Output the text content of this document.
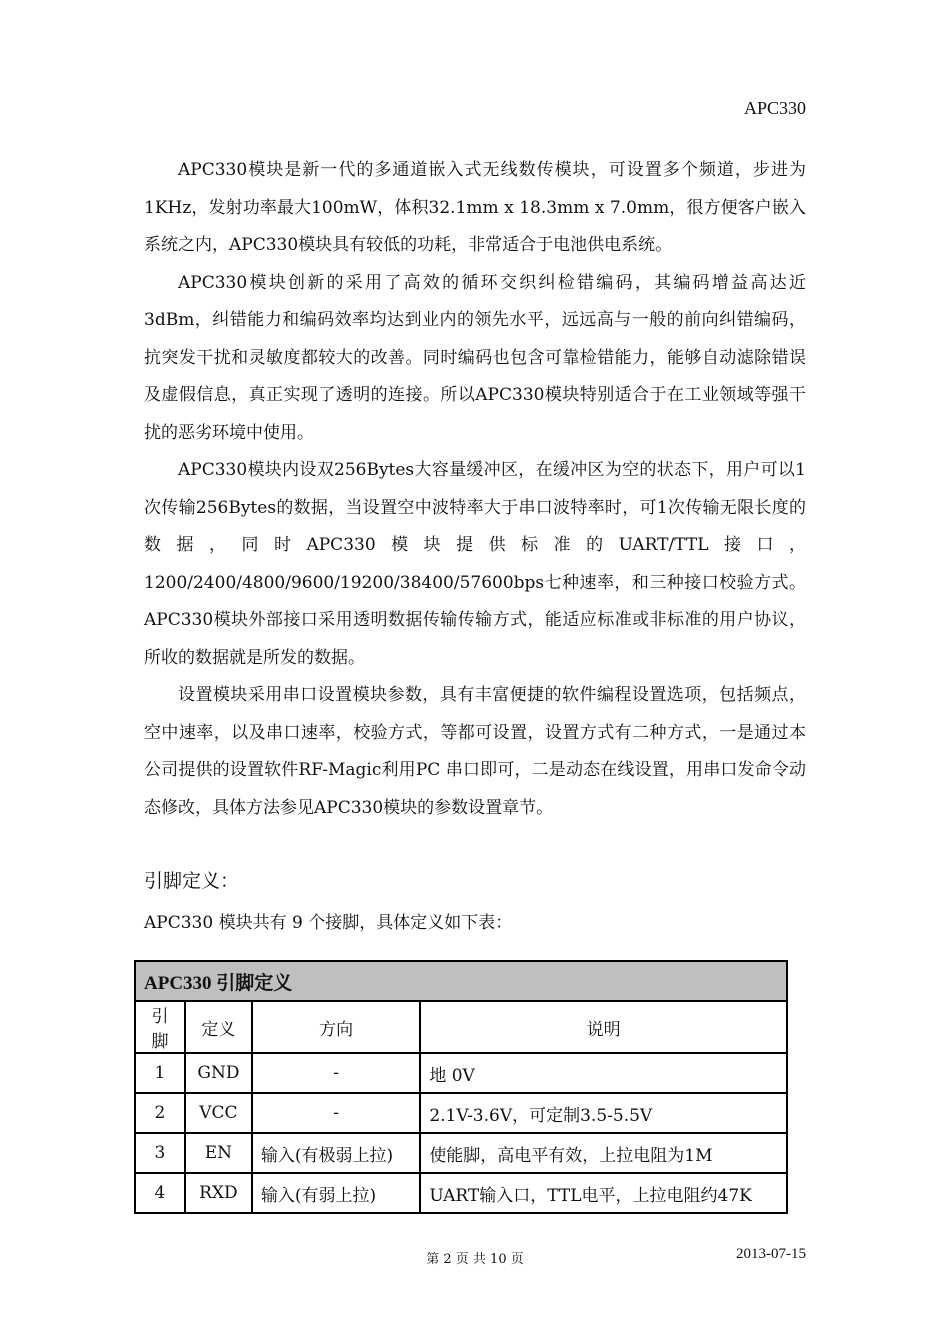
APC330

APC330模块是新一代的多通道嵌入式无线数传模块，可设置多个频道，步进为1KHz，发射功率最大100mW，体积32.1mm x 18.3mm x 7.0mm，很方便客户嵌入系统之内，APC330模块具有较低的功耗，非常适合于电池供电系统。

APC330模块创新的采用了高效的循环交织纠检错编码，其编码增益高达近3dBm，纠错能力和编码效率均达到业内的领先水平，远远高与一般的前向纠错编码，抗突发干扰和灵敏度都较大的改善。同时编码也包含可靠检错能力，能够自动滤除错误及虚假信息，真正实现了透明的连接。所以APC330模块特别适合于在工业领域等强干扰的恶劣环境中使用。

APC330模块内设双256Bytes大容量缓冲区，在缓冲区为空的状态下，用户可以1 次传输256Bytes的数据，当设置空中波特率大于串口波特率时，可1次传输无限长度的数据，同时APC330模块提供标准的UART/TTL接口，1200/2400/4800/9600/19200/38400/57600bps七种速率，和三种接口校验方式。APC330模块外部接口采用透明数据传输传输方式，能适应标准或非标准的用户协议，所收的数据就是所发的数据。

设置模块采用串口设置模块参数，具有丰富便捷的软件编程设置选项，包括频点，空中速率，以及串口速率，校验方式，等都可设置，设置方式有二种方式，一是通过本公司提供的设置软件RF-Magic利用PC 串口即可，二是动态在线设置，用串口发命令动态修改，具体方法参见APC330模块的参数设置章节。

引脚定义：
APC330 模块共有 9 个接脚，具体定义如下表：
APC330 引脚定义			
引脚	定义	方向	说明
1	GND	-	地 0V
2	VCC	-	2.1V-3.6V，可定制3.5-5.5V
3	EN	输入(有极弱上拉)	使能脚，高电平有效，上拉电阻为1M
4	RXD	输入(有弱上拉)	UART输入口，TTL电平，上拉电阻约47K
第 2 页 共 10 页	2013-07-15
